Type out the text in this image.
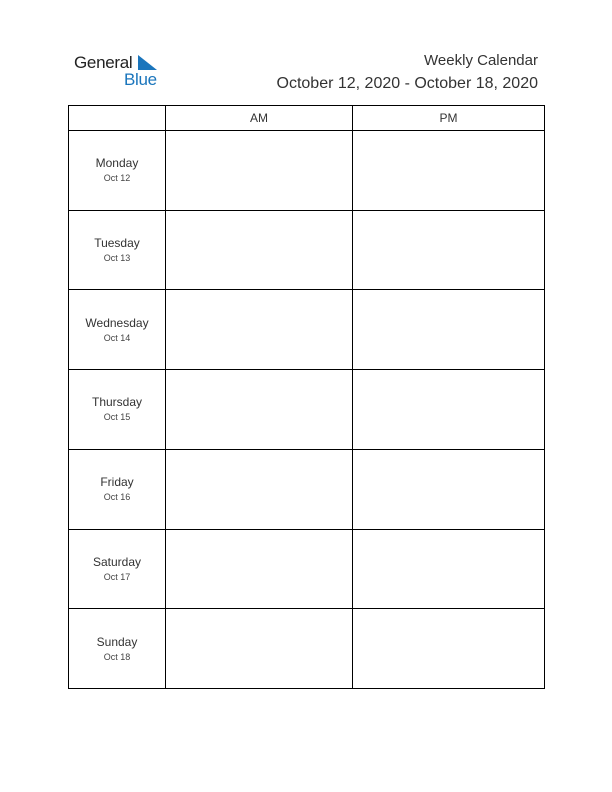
General
Blue
Weekly Calendar
October 12, 2020 - October 18, 2020
	AM	PM

Monday
Oct 12		

Tuesday
Oct 13		

Wednesday
Oct 14		

Thursday
Oct 15		

Friday
Oct 16		

Saturday
Oct 17		

Sunday
Oct 18		
